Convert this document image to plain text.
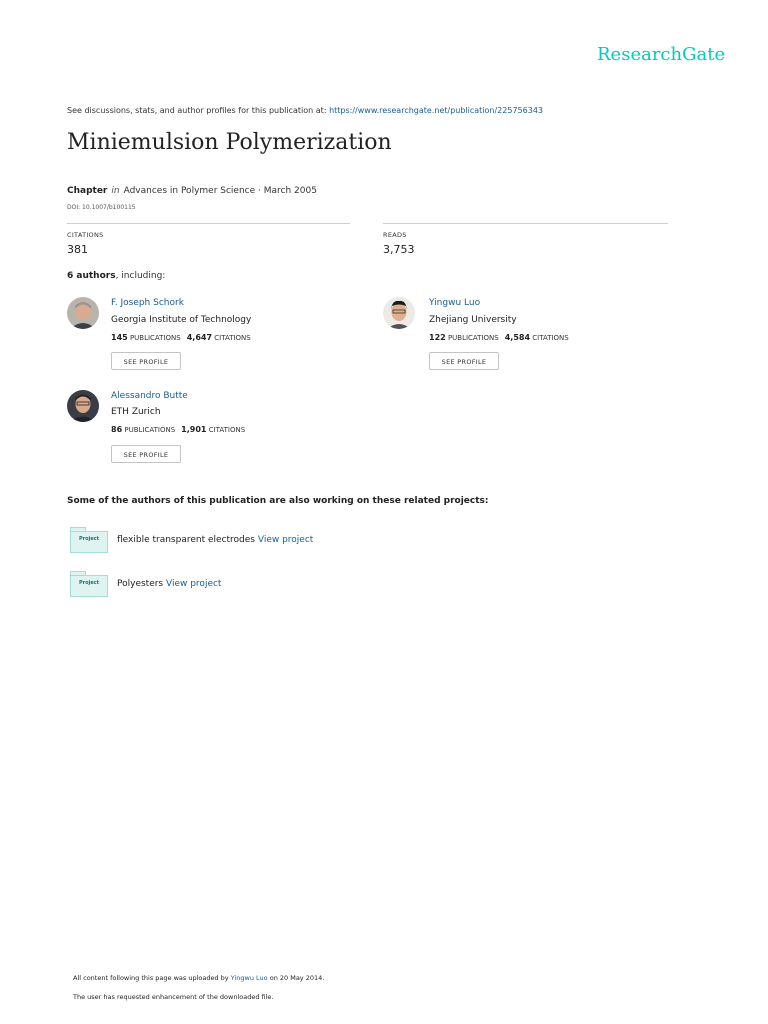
ResearchGate
See discussions, stats, and author profiles for this publication at: https://www.researchgate.net/publication/225756343
Miniemulsion Polymerization
Chapter in Advances in Polymer Science · March 2005
DOI: 10.1007/b100115
CITATIONS
381
READS
3,753
6 authors, including:
F. Joseph Schork
Georgia Institute of Technology
145 PUBLICATIONS 4,647 CITATIONS
SEE PROFILE
Yingwu Luo
Zhejiang University
122 PUBLICATIONS 4,584 CITATIONS
SEE PROFILE
Alessandro Butte
ETH Zurich
86 PUBLICATIONS 1,901 CITATIONS
SEE PROFILE
Some of the authors of this publication are also working on these related projects:
Project	flexible transparent electrodes View project
Project	Polyesters View project
All content following this page was uploaded by Yingwu Luo on 20 May 2014.
The user has requested enhancement of the downloaded file.
